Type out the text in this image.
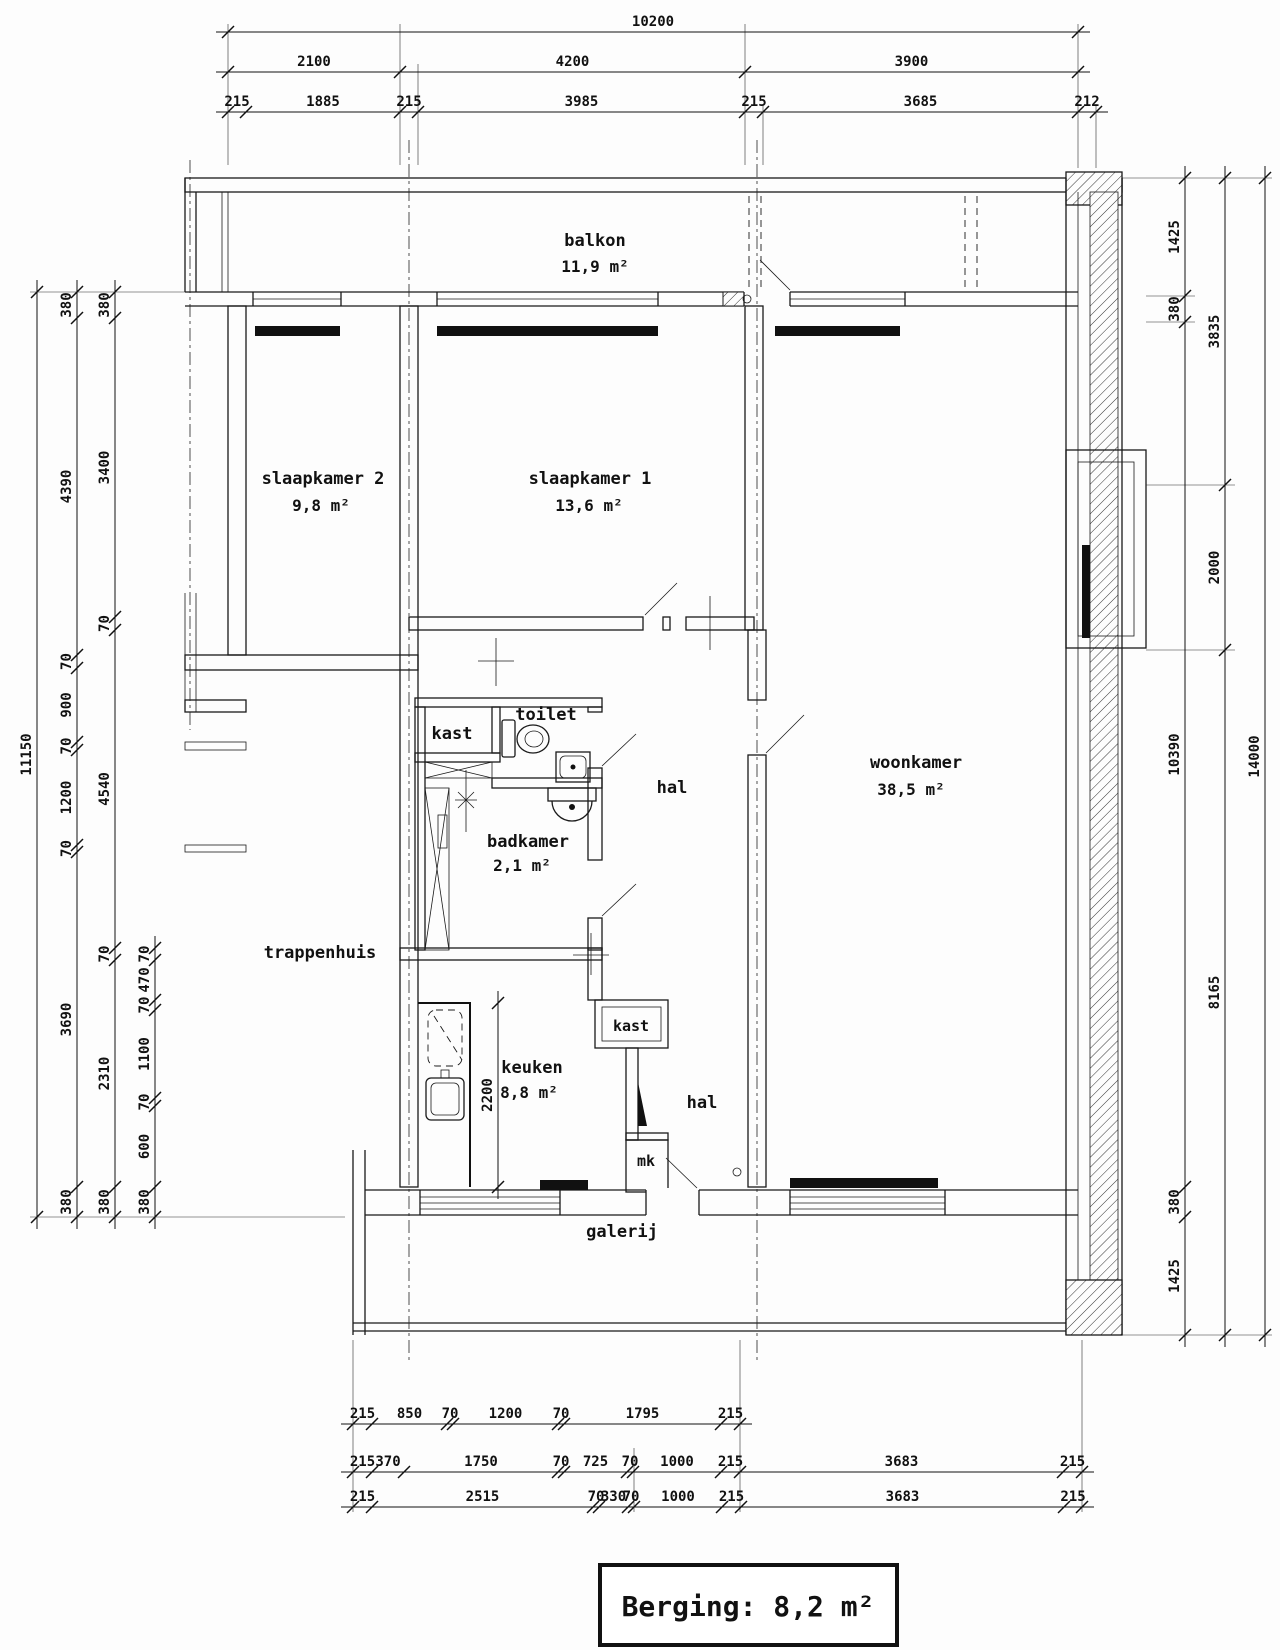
10200
2100	4200	3900
215	1885	215	3985	215	3685	212
11150
380
4390
70
900
70
1200
70
3690
380
380
3400
70
4540
70
2310
380
70
470
70
1100
70
600
380
1425
380
10390
380
1425
3835
2000
8165
14000
215 850 70 1200 70	1795	215
215 370	1750	70 725 70 1000 215	3683	215
215	2515	70
330
70 1000 215	3683	215
2200
balkon
11,9 m²
slaapkamer 2
9,8 m²
slaapkamer 1
13,6 m²
woonkamer
38,5 m²
hal
kast
toilet
badkamer
2,1 m²
trappenhuis
keuken
8,8 m²
kast
hal
mk
galerij
Berging: 8,2 m²
